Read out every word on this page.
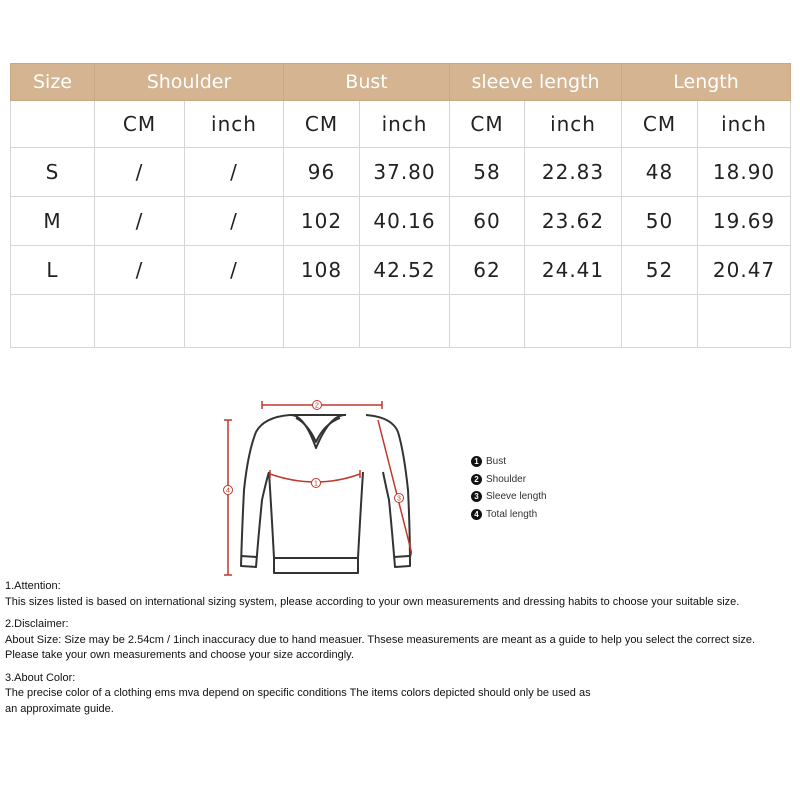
Size	Shoulder		Bust		sleeve length		Length	
	CM	inch	CM	inch	CM	inch	CM	inch
S	/	/	96	37.80	58	22.83	48	18.90
M	/	/	102	40.16	60	23.62	50	19.69
L	/	/	108	42.52	62	24.41	52	20.47

2
1
4
3
1 Bust
2 Shoulder
3 Sleeve length
4 Total length

1.Attention:

This sizes listed is based on international sizing system, please according to your own measurements and dressing habits to choose your suitable size.

2.Disclaimer:

About Size: Size may be 2.54cm / 1inch inaccuracy due to hand measuer. Thsese measurements are meant as a guide to help you select the correct size.

Please take your own measurements and choose your size accordingly.

3.About Color:

The precise color of a clothing ems mva depend on specific conditions The items colors depicted should only be used as

an approximate guide.
